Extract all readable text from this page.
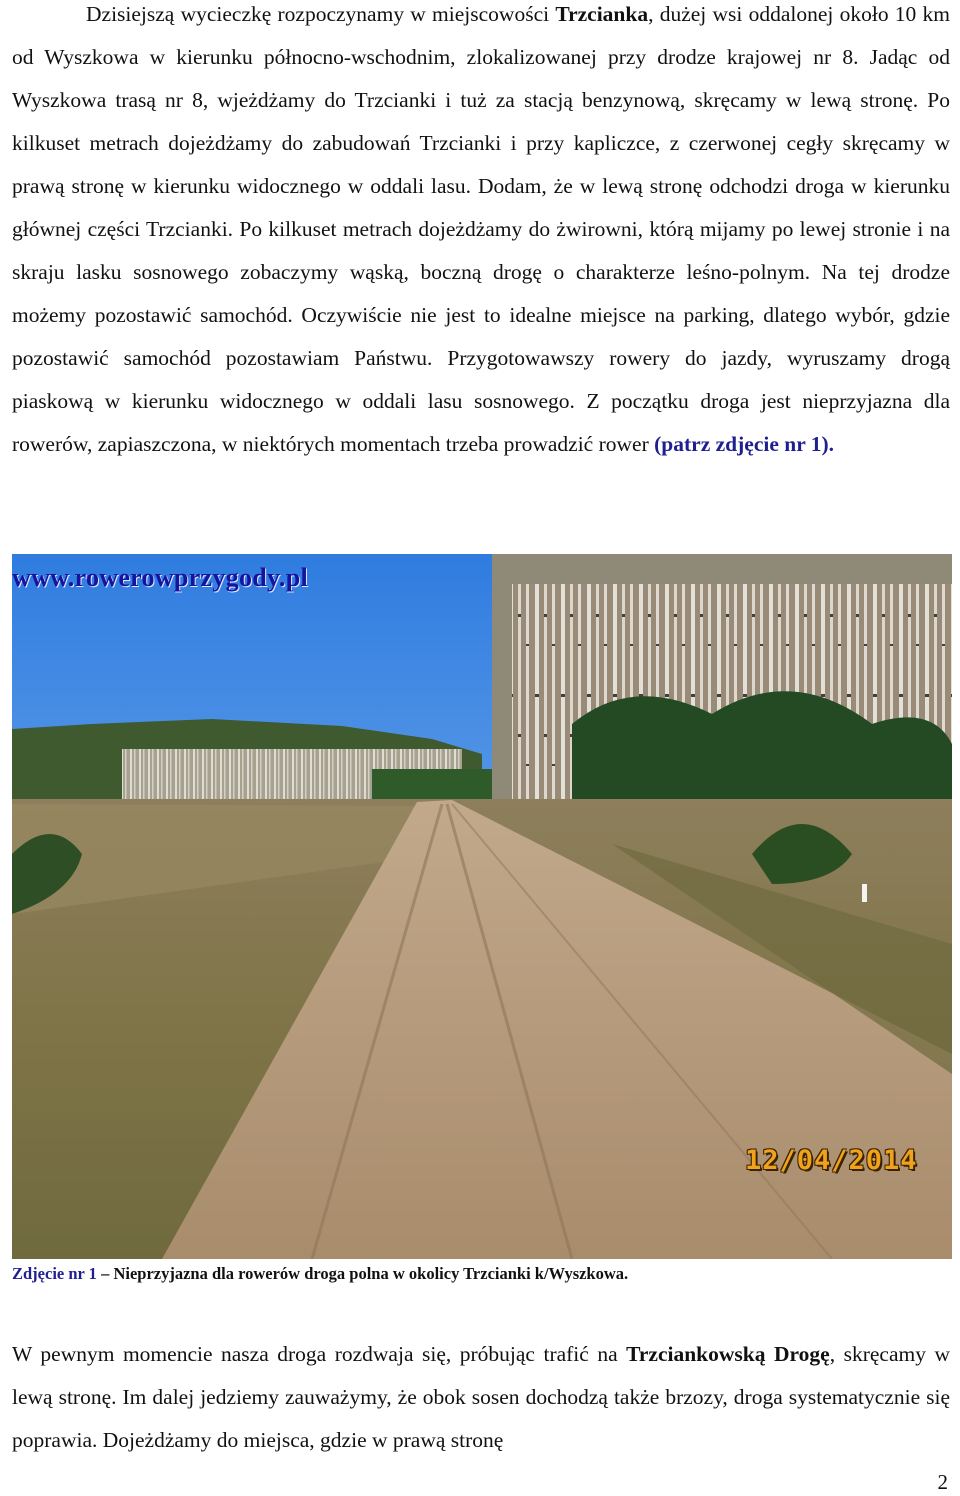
Dzisiejszą wycieczkę rozpoczynamy w miejscowości Trzcianka, dużej wsi oddalonej około 10 km od Wyszkowa w kierunku północno-wschodnim, zlokalizowanej przy drodze krajowej nr 8. Jadąc od Wyszkowa trasą nr 8, wjeżdżamy do Trzcianki i tuż za stacją benzynową, skręcamy w lewą stronę. Po kilkuset metrach dojeżdżamy do zabudowań Trzcianki i przy kapliczce, z czerwonej cegły skręcamy w prawą stronę w kierunku widocznego w oddali lasu. Dodam, że w lewą stronę odchodzi droga w kierunku głównej części Trzcianki. Po kilkuset metrach dojeżdżamy do żwirowni, którą mijamy po lewej stronie i na skraju lasku sosnowego zobaczymy wąską, boczną drogę o charakterze leśno-polnym. Na tej drodze możemy pozostawić samochód. Oczywiście nie jest to idealne miejsce na parking, dlatego wybór, gdzie pozostawić samochód pozostawiam Państwu. Przygotowawszy rowery do jazdy, wyruszamy drogą piaskową w kierunku widocznego w oddali lasu sosnowego. Z początku droga jest nieprzyjazna dla rowerów, zapiaszczona, w niektórych momentach trzeba prowadzić rower (patrz zdjęcie nr 1).

www.rowerowprzygody.pl
12/04/2014

Zdjęcie nr 1 – Nieprzyjazna dla rowerów droga polna w okolicy Trzcianki k/Wyszkowa.

W pewnym momencie nasza droga rozdwaja się, próbując trafić na Trzciankowską Drogę, skręcamy w lewą stronę. Im dalej jedziemy zauważymy, że obok sosen dochodzą także brzozy, droga systematycznie się poprawia. Dojeżdżamy do miejsca, gdzie w prawą stronę

2
